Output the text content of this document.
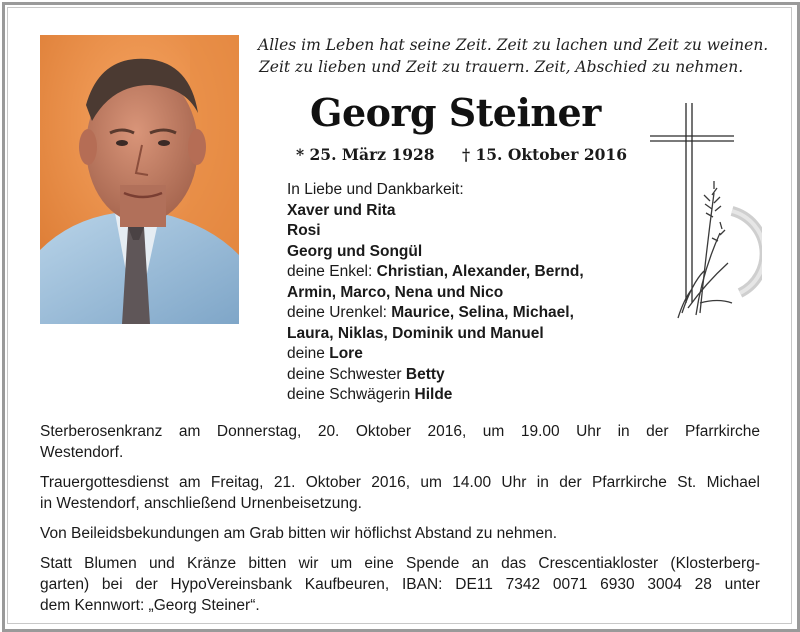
Alles im Leben hat seine Zeit. Zeit zu lachen und Zeit zu weinen.
Zeit zu lieben und Zeit zu trauern. Zeit, Abschied zu nehmen.
Georg Steiner
* 25. März 1928 † 15. Oktober 2016
In Liebe und Dankbarkeit:
Xaver und Rita
Rosi
Georg und Songül
deine Enkel: Christian, Alexander, Bernd,
Armin, Marco, Nena und Nico
deine Urenkel: Maurice, Selina, Michael,
Laura, Niklas, Dominik und Manuel
deine Lore
deine Schwester Betty
deine Schwägerin Hilde

Sterberosenkranz am Donnerstag, 20. Oktober 2016, um 19.00 Uhr in der Pfarrkirche
Westendorf.

Trauergottesdienst am Freitag, 21. Oktober 2016, um 14.00 Uhr in der Pfarrkirche St. Michael
in Westendorf, anschließend Urnenbeisetzung.

Von Beileidsbekundungen am Grab bitten wir höflichst Abstand zu nehmen.

Statt Blumen und Kränze bitten wir um eine Spende an das Crescentiakloster (Klosterberg-
garten) bei der HypoVereinsbank Kaufbeuren, IBAN: DE11 7342 0071 6930 3004 28 unter
dem Kennwort: „Georg Steiner“.
